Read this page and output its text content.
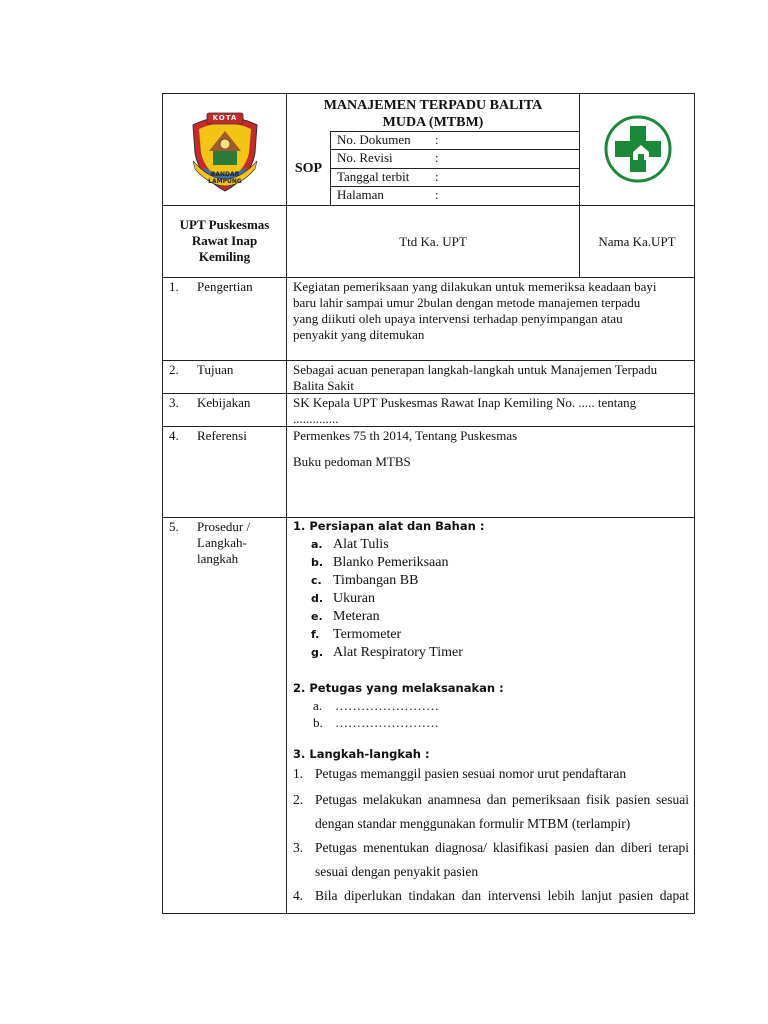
KOTA
BANDAR LAMPUNG
MANAJEMEN TERPADU BALITA
MUDA (MTBM)
SOP
No. Dokumen :
No. Revisi	:
Tanggal terbit :
Halaman	:
UPT Puskesmas
Rawat Inap
Kemiling
Ttd Ka. UPT	Nama Ka.UPT
1. Pengertian	Kegiatan pemeriksaan yang dilakukan untuk memeriksa keadaan bayi
baru lahir sampai umur 2bulan dengan metode manajemen terpadu
yang diikuti oleh upaya intervensi terhadap penyimpangan atau
penyakit yang ditemukan
2. Tujuan	Sebagai acuan penerapan langkah-langkah untuk Manajemen Terpadu
Balita Sakit
3. Kebijakan	SK Kepala UPT Puskesmas Rawat Inap Kemiling No. ..... tentang
..............
4. Referensi	Permenkes 75 th 2014, Tentang Puskesmas
Buku pedoman MTBS
5. Prosedur /
Langkah-
langkah
1. Persiapan alat dan Bahan :
a. Alat Tulis
b. Blanko Pemeriksaan
c. Timbangan BB
d. Ukuran
e. Meteran
f. Termometer
g. Alat Respiratory Timer
2. Petugas yang melaksanakan :
a. ……………………
b. ……………………
3. Langkah-langkah :
1. Petugas memanggil pasien sesuai nomor urut pendaftaran
2. Petugas melakukan anamnesa dan pemeriksaan fisik pasien sesuai
dengan standar menggunakan formulir MTBM (terlampir)
3. Petugas menentukan diagnosa/ klasifikasi pasien dan diberi terapi
sesuai dengan penyakit pasien
4. Bila diperlukan tindakan dan intervensi lebih lanjut pasien dapat
